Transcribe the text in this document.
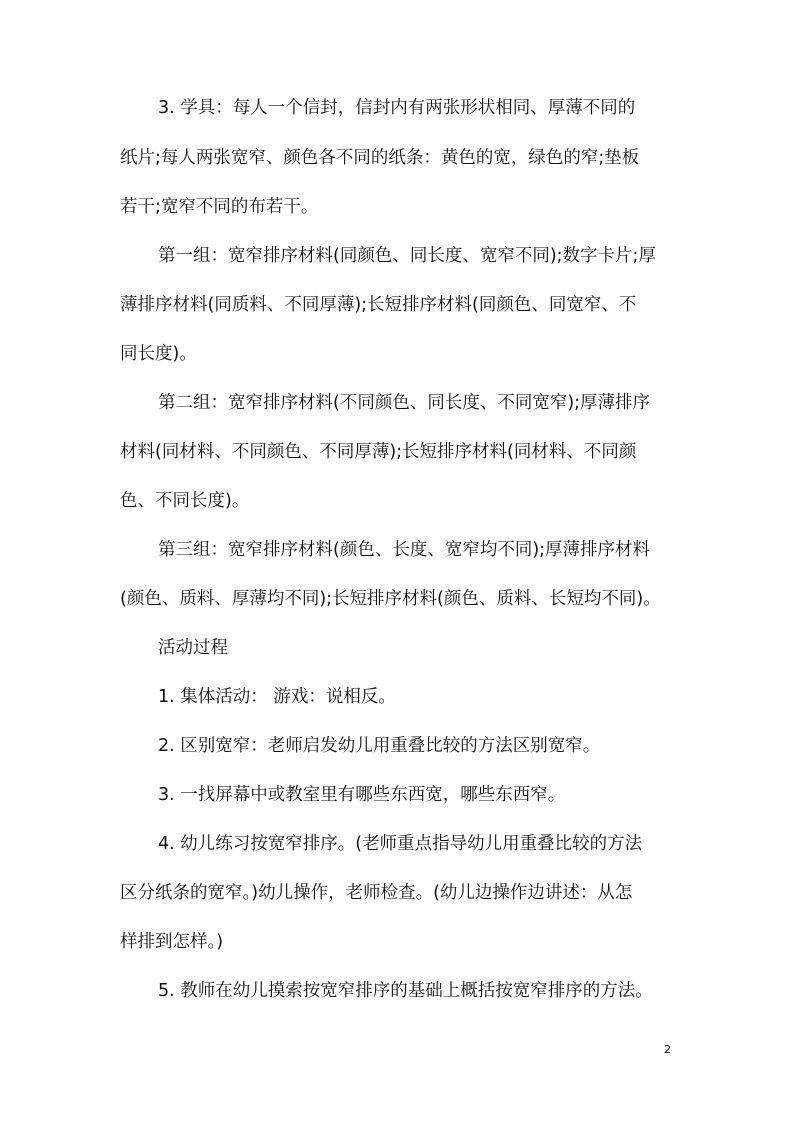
3. 学具：每人一个信封，信封内有两张形状相同、厚薄不同的

纸片;每人两张宽窄、颜色各不同的纸条：黄色的宽，绿色的窄;垫板

若干;宽窄不同的布若干。

第一组：宽窄排序材料(同颜色、同长度、宽窄不同);数字卡片;厚

薄排序材料(同质料、不同厚薄);长短排序材料(同颜色、同宽窄、不

同长度)。

第二组：宽窄排序材料(不同颜色、同长度、不同宽窄);厚薄排序

材料(同材料、不同颜色、不同厚薄);长短排序材料(同材料、不同颜

色、不同长度)。

第三组：宽窄排序材料(颜色、长度、宽窄均不同);厚薄排序材料

(颜色、质料、厚薄均不同);长短排序材料(颜色、质料、长短均不同)。

活动过程

1. 集体活动： 游戏：说相反。

2. 区别宽窄：老师启发幼儿用重叠比较的方法区别宽窄。

3. 一找屏幕中或教室里有哪些东西宽，哪些东西窄。

4. 幼儿练习按宽窄排序。(老师重点指导幼儿用重叠比较的方法

区分纸条的宽窄。)幼儿操作，老师检查。(幼儿边操作边讲述：从怎

样排到怎样。)

5. 教师在幼儿摸索按宽窄排序的基础上概括按宽窄排序的方法。

2
